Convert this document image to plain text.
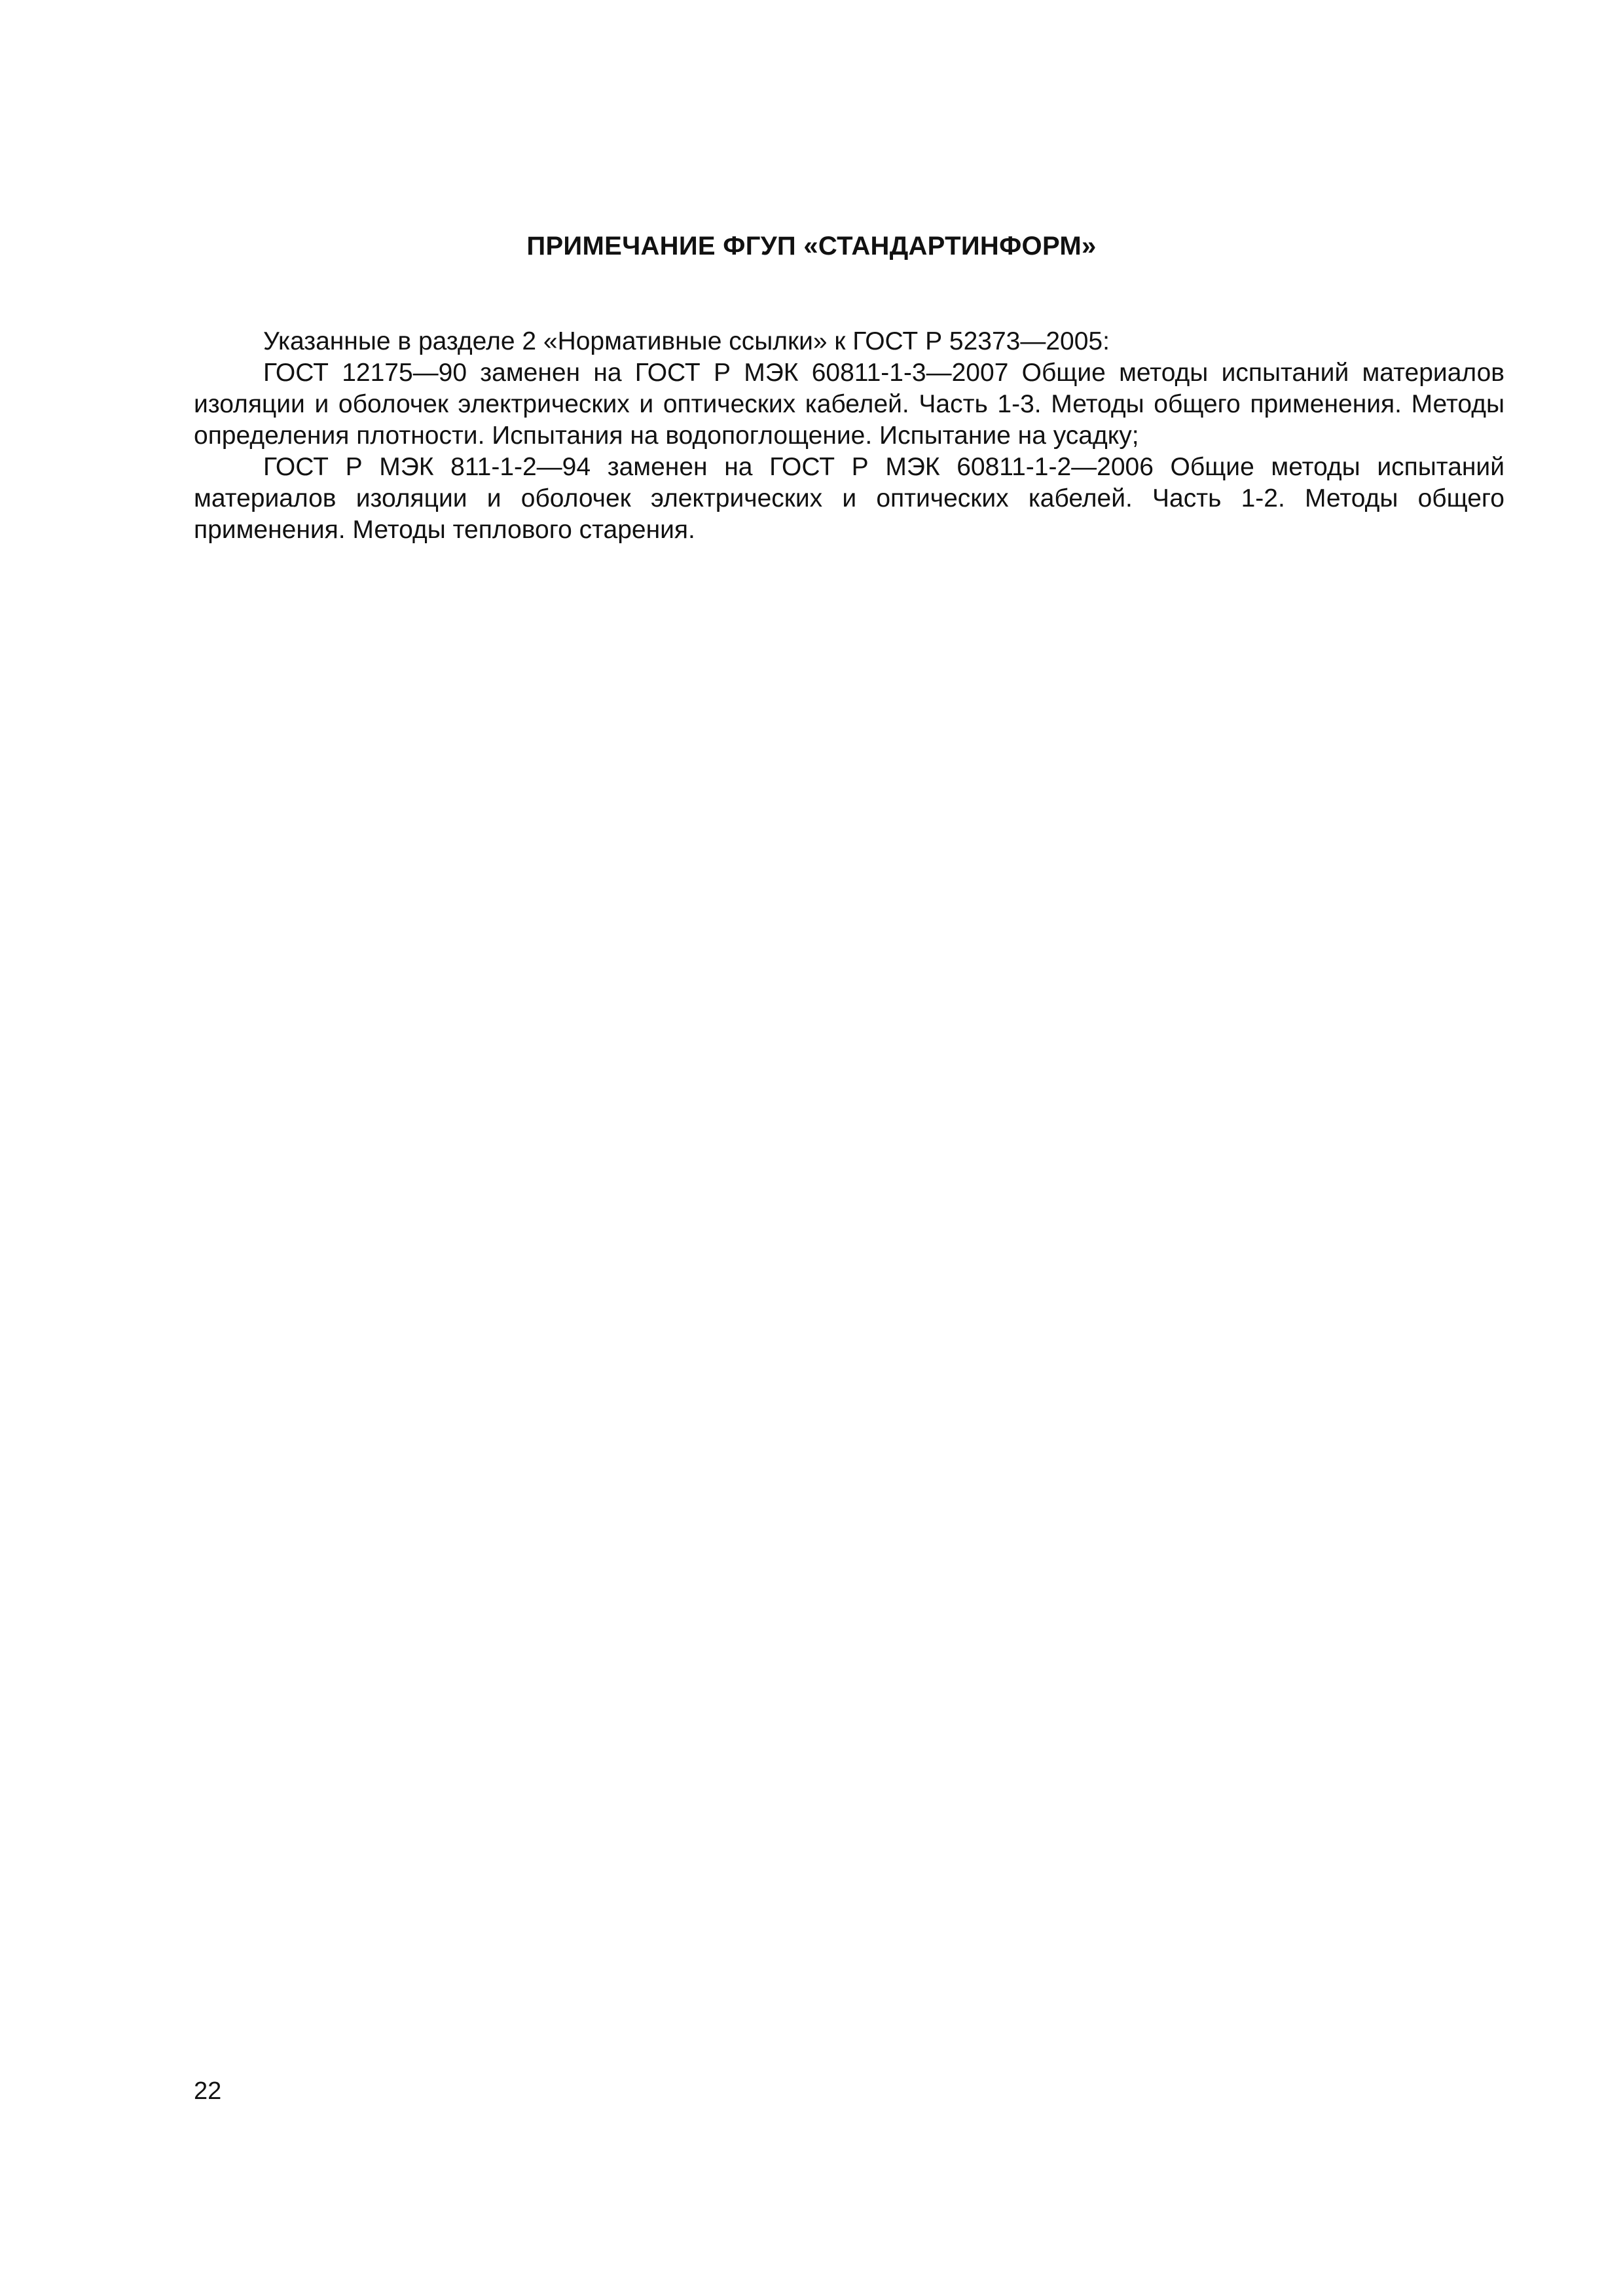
ПРИМЕЧАНИЕ ФГУП «СТАНДАРТИНФОРМ»

Указанные в разделе 2 «Нормативные ссылки» к ГОСТ Р 52373—2005:

ГОСТ 12175—90 заменен на ГОСТ Р МЭК 60811-1-3—2007 Общие методы испытаний материалов изоляции и оболочек электрических и оптических кабелей. Часть 1-3. Методы общего применения. Методы определения плотности. Испытания на водопоглощение. Испытание на усадку;

ГОСТ Р МЭК 811-1-2—94 заменен на ГОСТ Р МЭК 60811-1-2—2006 Общие методы испытаний материалов изоляции и оболочек электрических и оптических кабелей. Часть 1-2. Методы общего применения. Методы теплового старения.

22
